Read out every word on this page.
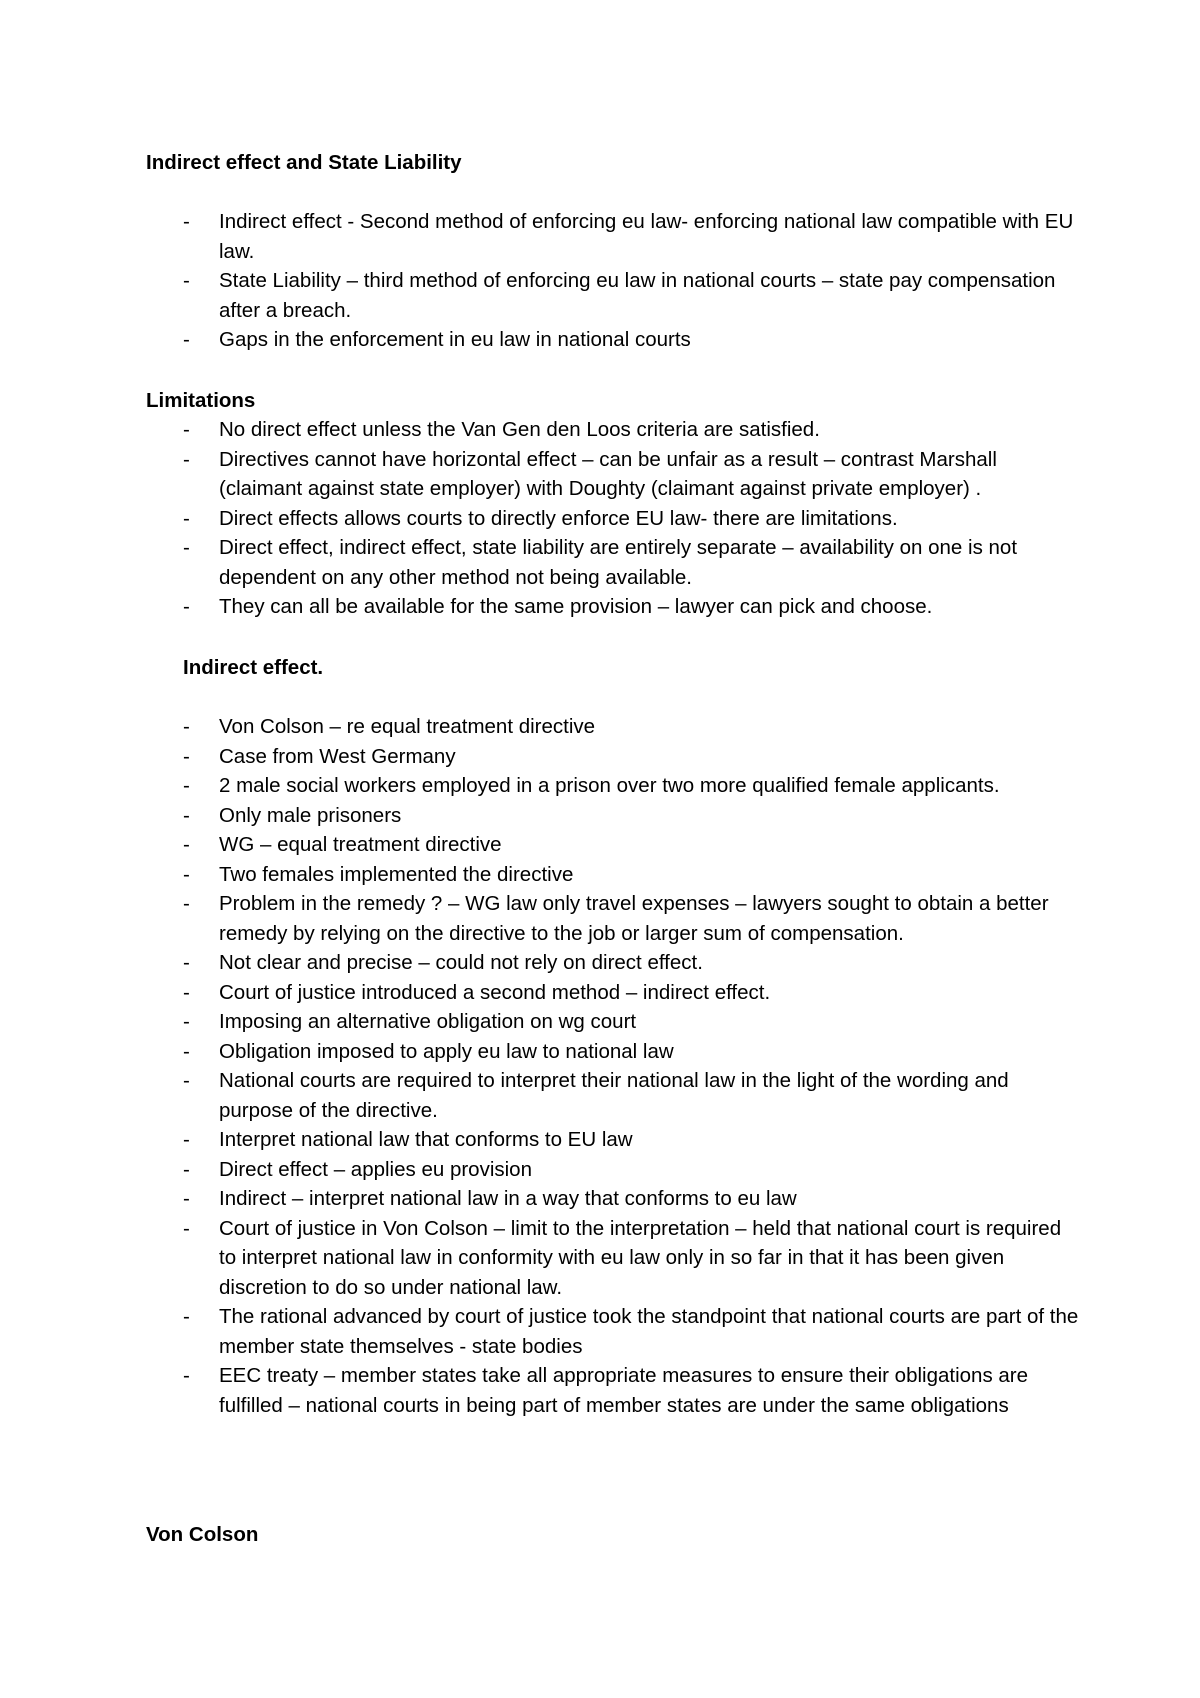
Indirect effect and State Liability
- Indirect effect - Second method of enforcing eu law- enforcing national law compatible with EU law.
- State Liability – third method of enforcing eu law in national courts – state pay compensation after a breach.
- Gaps in the enforcement in eu law in national courts
Limitations
- No direct effect unless the Van Gen den Loos criteria are satisfied.
- Directives cannot have horizontal effect – can be unfair as a result – contrast Marshall (claimant against state employer) with Doughty (claimant against private employer) .
- Direct effects allows courts to directly enforce EU law- there are limitations.
- Direct effect, indirect effect, state liability are entirely separate – availability on one is not dependent on any other method not being available.
- They can all be available for the same provision – lawyer can pick and choose.
Indirect effect.
- Von Colson – re equal treatment directive
- Case from West Germany
- 2 male social workers employed in a prison over two more qualified female applicants.
- Only male prisoners
- WG – equal treatment directive
- Two females implemented the directive
- Problem in the remedy ? – WG law only travel expenses – lawyers sought to obtain a better remedy by relying on the directive to the job or larger sum of compensation.
- Not clear and precise – could not rely on direct effect.
- Court of justice introduced a second method – indirect effect.
- Imposing an alternative obligation on wg court
- Obligation imposed to apply eu law to national law
- National courts are required to interpret their national law in the light of the wording and purpose of the directive.
- Interpret national law that conforms to EU law
- Direct effect – applies eu provision
- Indirect – interpret national law in a way that conforms to eu law
- Court of justice in Von Colson – limit to the interpretation – held that national court is required to interpret national law in conformity with eu law only in so far in that it has been given discretion to do so under national law.
- The rational advanced by court of justice took the standpoint that national courts are part of the member state themselves - state bodies
- EEC treaty – member states take all appropriate measures to ensure their obligations are fulfilled – national courts in being part of member states are under the same obligations
Von Colson
